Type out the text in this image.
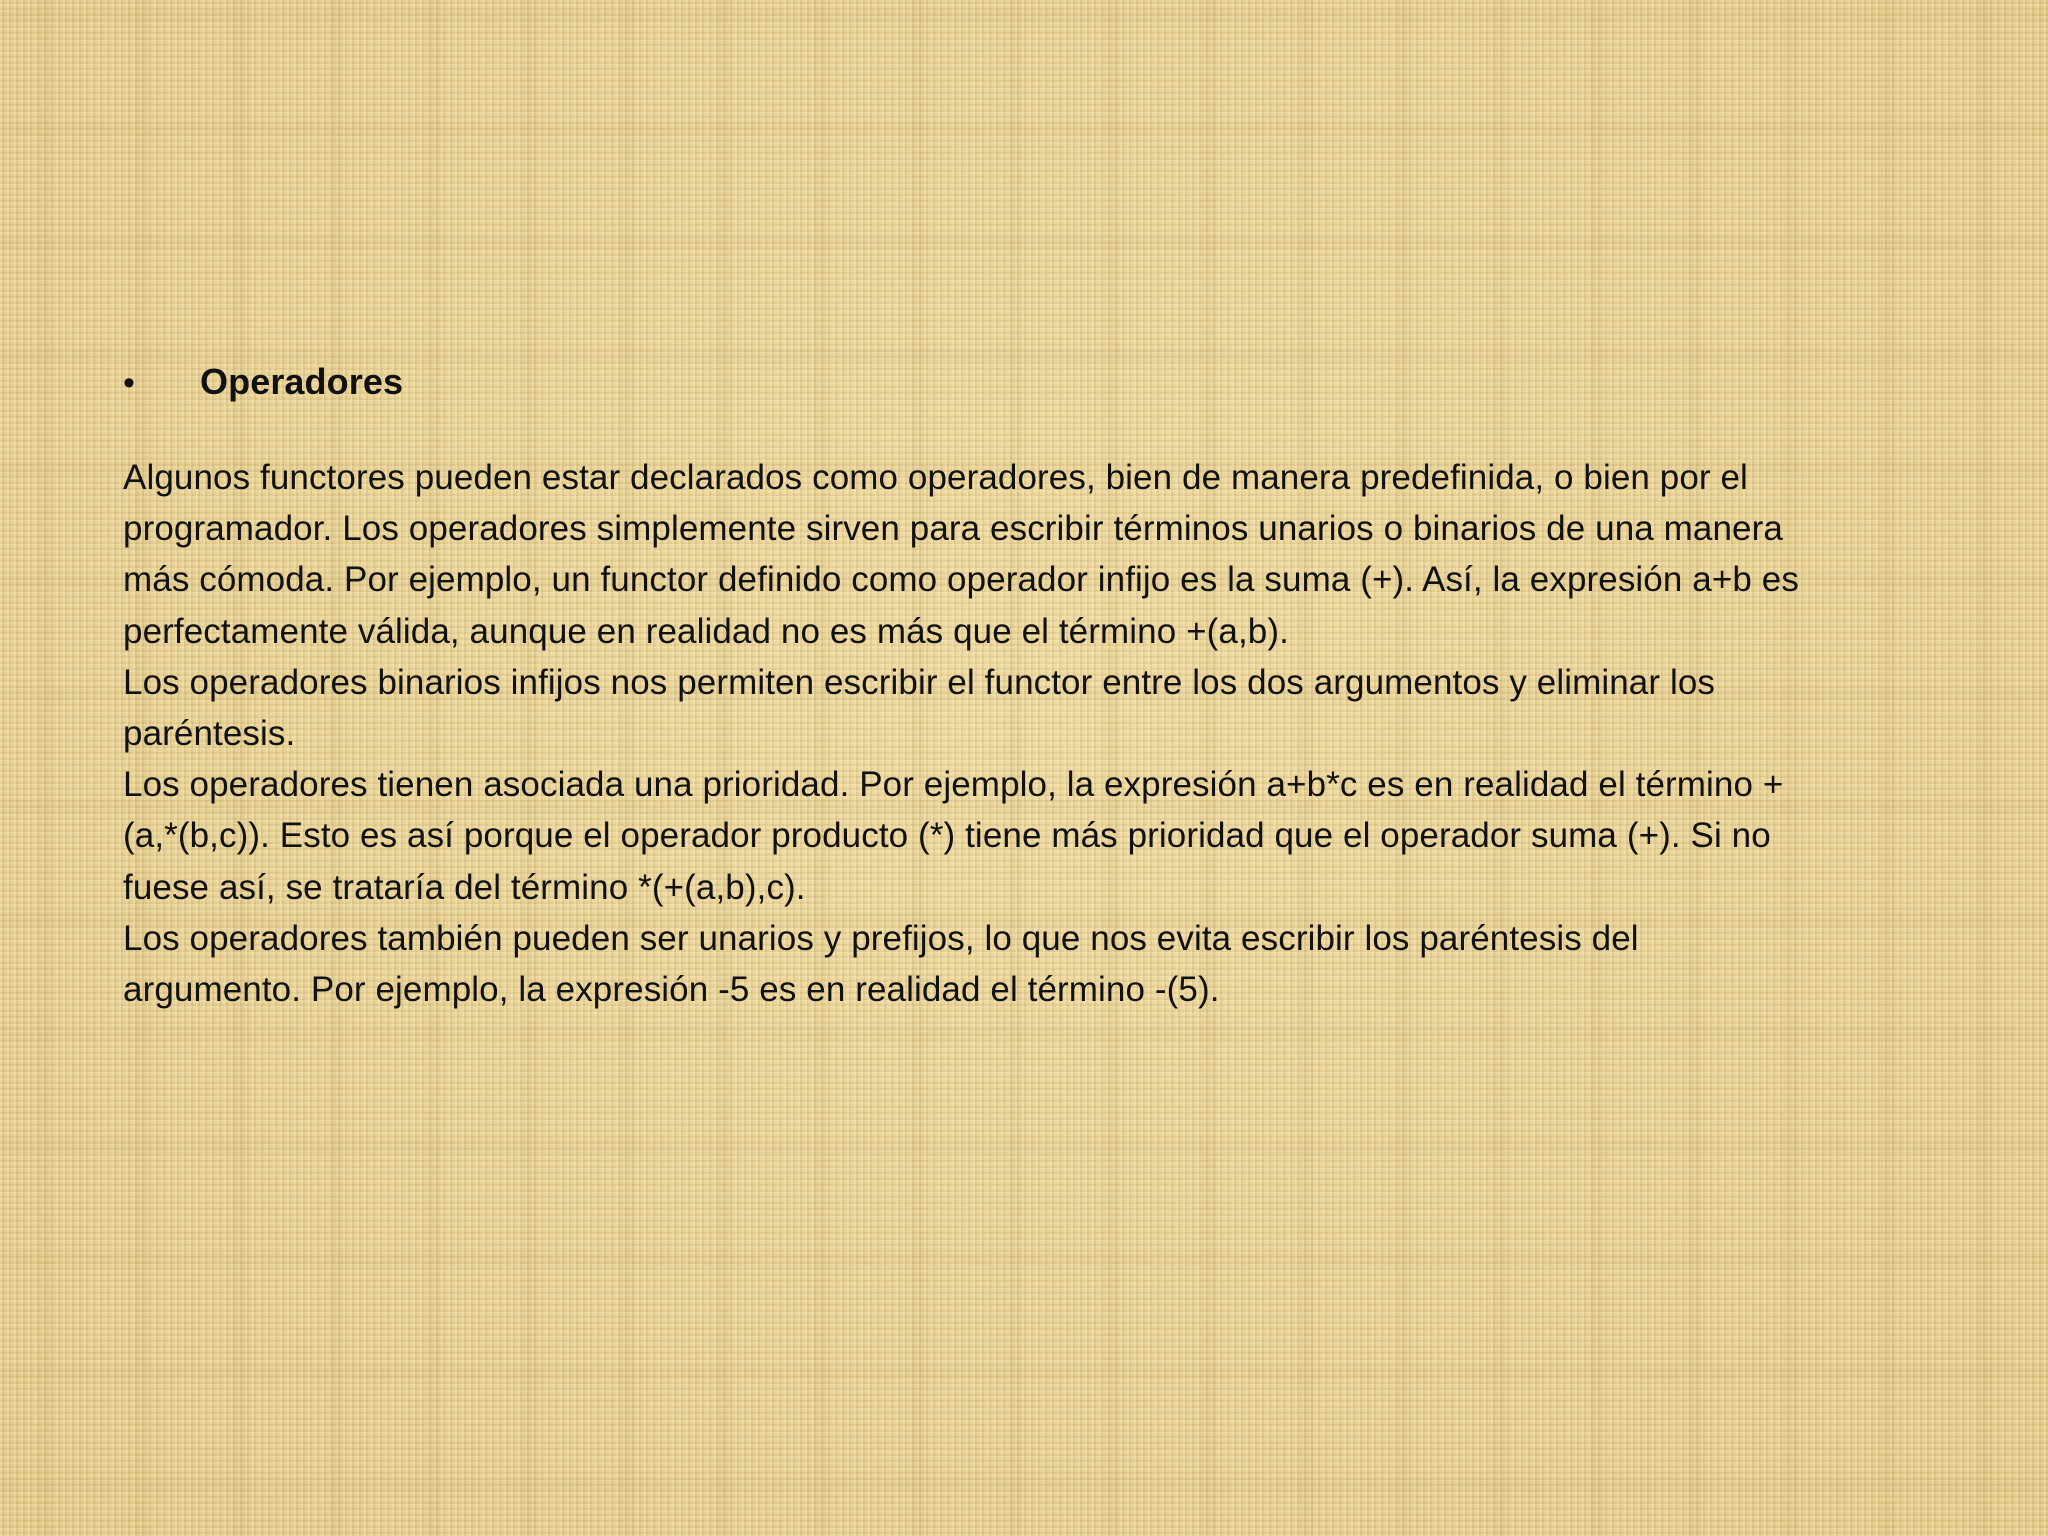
•	Operadores

Algunos functores pueden estar declarados como operadores, bien de manera predefinida, o bien por el programador. Los operadores simplemente sirven para escribir términos unarios o binarios de una manera más cómoda. Por ejemplo, un functor definido como operador infijo es la suma (+). Así, la expresión a+b es perfectamente válida, aunque en realidad no es más que el término +(a,b).

Los operadores binarios infijos nos permiten escribir el functor entre los dos argumentos y eliminar los paréntesis.

Los operadores tienen asociada una prioridad. Por ejemplo, la expresión a+b*c es en realidad el término +(a,*(b,c)). Esto es así porque el operador producto (*) tiene más prioridad que el operador suma (+). Si no fuese así, se trataría del término *(+(a,b),c).

Los operadores también pueden ser unarios y prefijos, lo que nos evita escribir los paréntesis del argumento. Por ejemplo, la expresión -5 es en realidad el término -(5).
